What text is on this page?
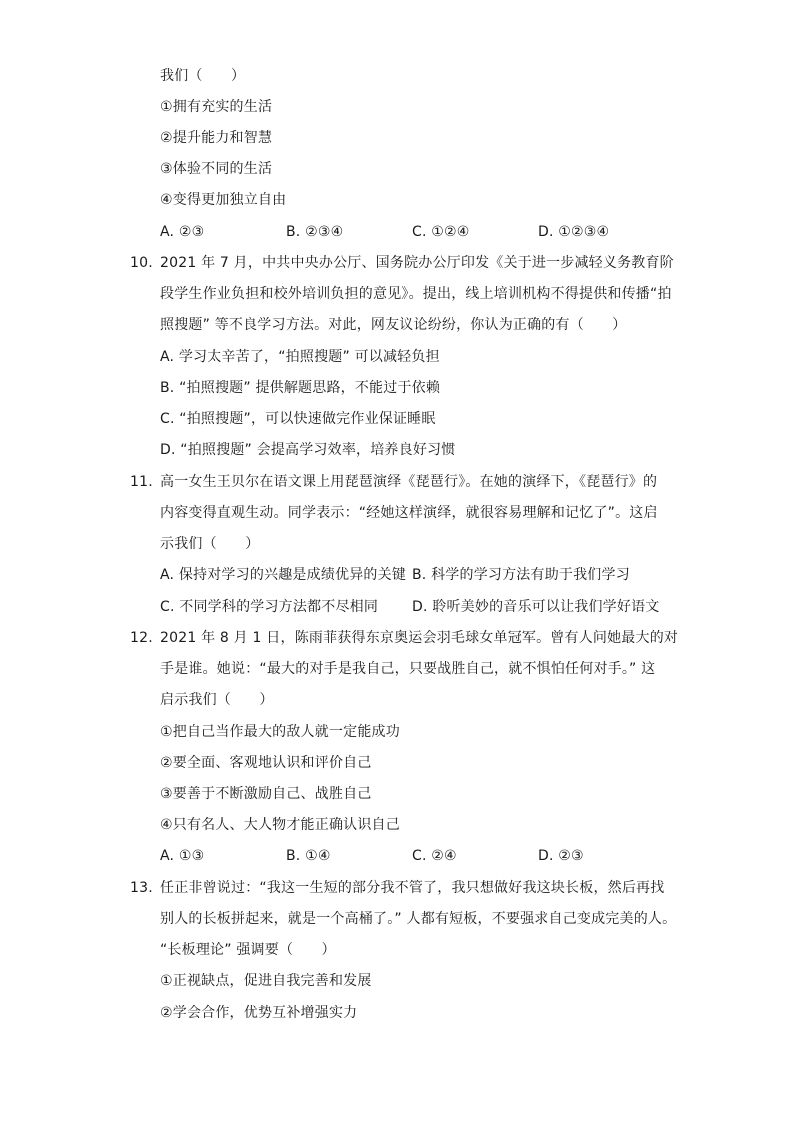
我们（　　）
①拥有充实的生活
②提升能力和智慧
③体验不同的生活
④变得更加独立自由
A. ②③	B. ②③④	C. ①②④	D. ①②③④
10. 2021 年 7 月，中共中央办公厅、国务院办公厅印发《关于进一步减轻义务教育阶
段学生作业负担和校外培训负担的意见》。提出，线上培训机构不得提供和传播“拍
照搜题” 等不良学习方法。对此，网友议论纷纷，你认为正确的有（　　）
A. 学习太辛苦了，“拍照搜题” 可以减轻负担
B. “拍照搜题” 提供解题思路，不能过于依赖
C. “拍照搜题”，可以快速做完作业保证睡眠
D. “拍照搜题” 会提高学习效率，培养良好习惯
11. 高一女生王贝尔在语文课上用琵琶演绎《琵琶行》。在她的演绎下，《琵琶行》的
内容变得直观生动。同学表示：“经她这样演绎，就很容易理解和记忆了”。这启
示我们（　　）
A. 保持对学习的兴趣是成绩优异的关键 B. 科学的学习方法有助于我们学习
C. 不同学科的学习方法都不尽相同 D. 聆听美妙的音乐可以让我们学好语文
12. 2021 年 8 月 1 日，陈雨菲获得东京奥运会羽毛球女单冠军。曾有人问她最大的对
手是谁。她说：“最大的对手是我自己，只要战胜自己，就不惧怕任何对手。” 这
启示我们（　　）
①把自己当作最大的敌人就一定能成功
②要全面、客观地认识和评价自己
③要善于不断激励自己、战胜自己
④只有名人、大人物才能正确认识自己
A. ①③	B. ①④	C. ②④	D. ②③
13. 任正非曾说过：“我这一生短的部分我不管了，我只想做好我这块长板，然后再找
别人的长板拼起来，就是一个高桶了。” 人都有短板，不要强求自己变成完美的人。
“长板理论” 强调要（　　）
①正视缺点，促进自我完善和发展
②学会合作，优势互补增强实力
